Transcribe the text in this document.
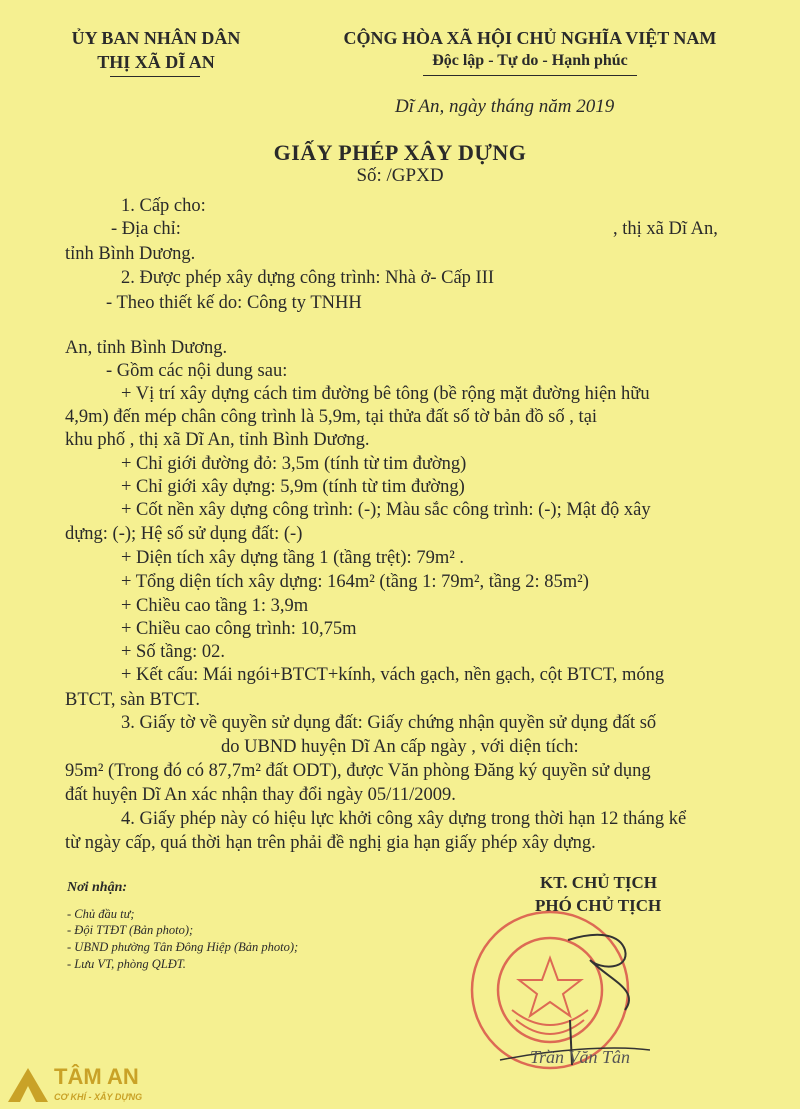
ỦY BAN NHÂN DÂN
THỊ XÃ DĨ AN
CỘNG HÒA XÃ HỘI CHỦ NGHĨA VIỆT NAM
Độc lập - Tự do - Hạnh phúc
Dĩ An, ngày tháng năm 2019
GIẤY PHÉP XÂY DỰNG
Số: /GPXD
1. Cấp cho:
- Địa chỉ:	, thị xã Dĩ An,
tỉnh Bình Dương.
2. Được phép xây dựng công trình: Nhà ở- Cấp III
- Theo thiết kế do: Công ty TNHH
An, tỉnh Bình Dương.
- Gồm các nội dung sau:
+ Vị trí xây dựng cách tim đường bê tông (bề rộng mặt đường hiện hữu
4,9m) đến mép chân công trình là 5,9m, tại thửa đất số tờ bản đồ số , tại
khu phố , thị xã Dĩ An, tỉnh Bình Dương.
+ Chỉ giới đường đỏ: 3,5m (tính từ tim đường)
+ Chỉ giới xây dựng: 5,9m (tính từ tim đường)
+ Cốt nền xây dựng công trình: (-); Màu sắc công trình: (-); Mật độ xây
dựng: (-); Hệ số sử dụng đất: (-)
+ Diện tích xây dựng tầng 1 (tầng trệt): 79m² .
+ Tổng diện tích xây dựng: 164m² (tầng 1: 79m², tầng 2: 85m²)
+ Chiều cao tầng 1: 3,9m
+ Chiều cao công trình: 10,75m
+ Số tầng: 02.
+ Kết cấu: Mái ngói+BTCT+kính, vách gạch, nền gạch, cột BTCT, móng
BTCT, sàn BTCT.
3. Giấy tờ về quyền sử dụng đất: Giấy chứng nhận quyền sử dụng đất số
do UBND huyện Dĩ An cấp ngày , với diện tích:
95m² (Trong đó có 87,7m² đất ODT), được Văn phòng Đăng ký quyền sử dụng
đất huyện Dĩ An xác nhận thay đổi ngày 05/11/2009.
4. Giấy phép này có hiệu lực khởi công xây dựng trong thời hạn 12 tháng kể
từ ngày cấp, quá thời hạn trên phải đề nghị gia hạn giấy phép xây dựng.
Nơi nhận:
- Chủ đầu tư;
- Đội TTĐT (Bản photo);
- UBND phường Tân Đông Hiệp (Bản photo);
- Lưu VT, phòng QLĐT.
KT. CHỦ TỊCH
PHÓ CHỦ TỊCH
Trần Văn Tân
TÂM AN
CƠ KHÍ - XÂY DỰNG
